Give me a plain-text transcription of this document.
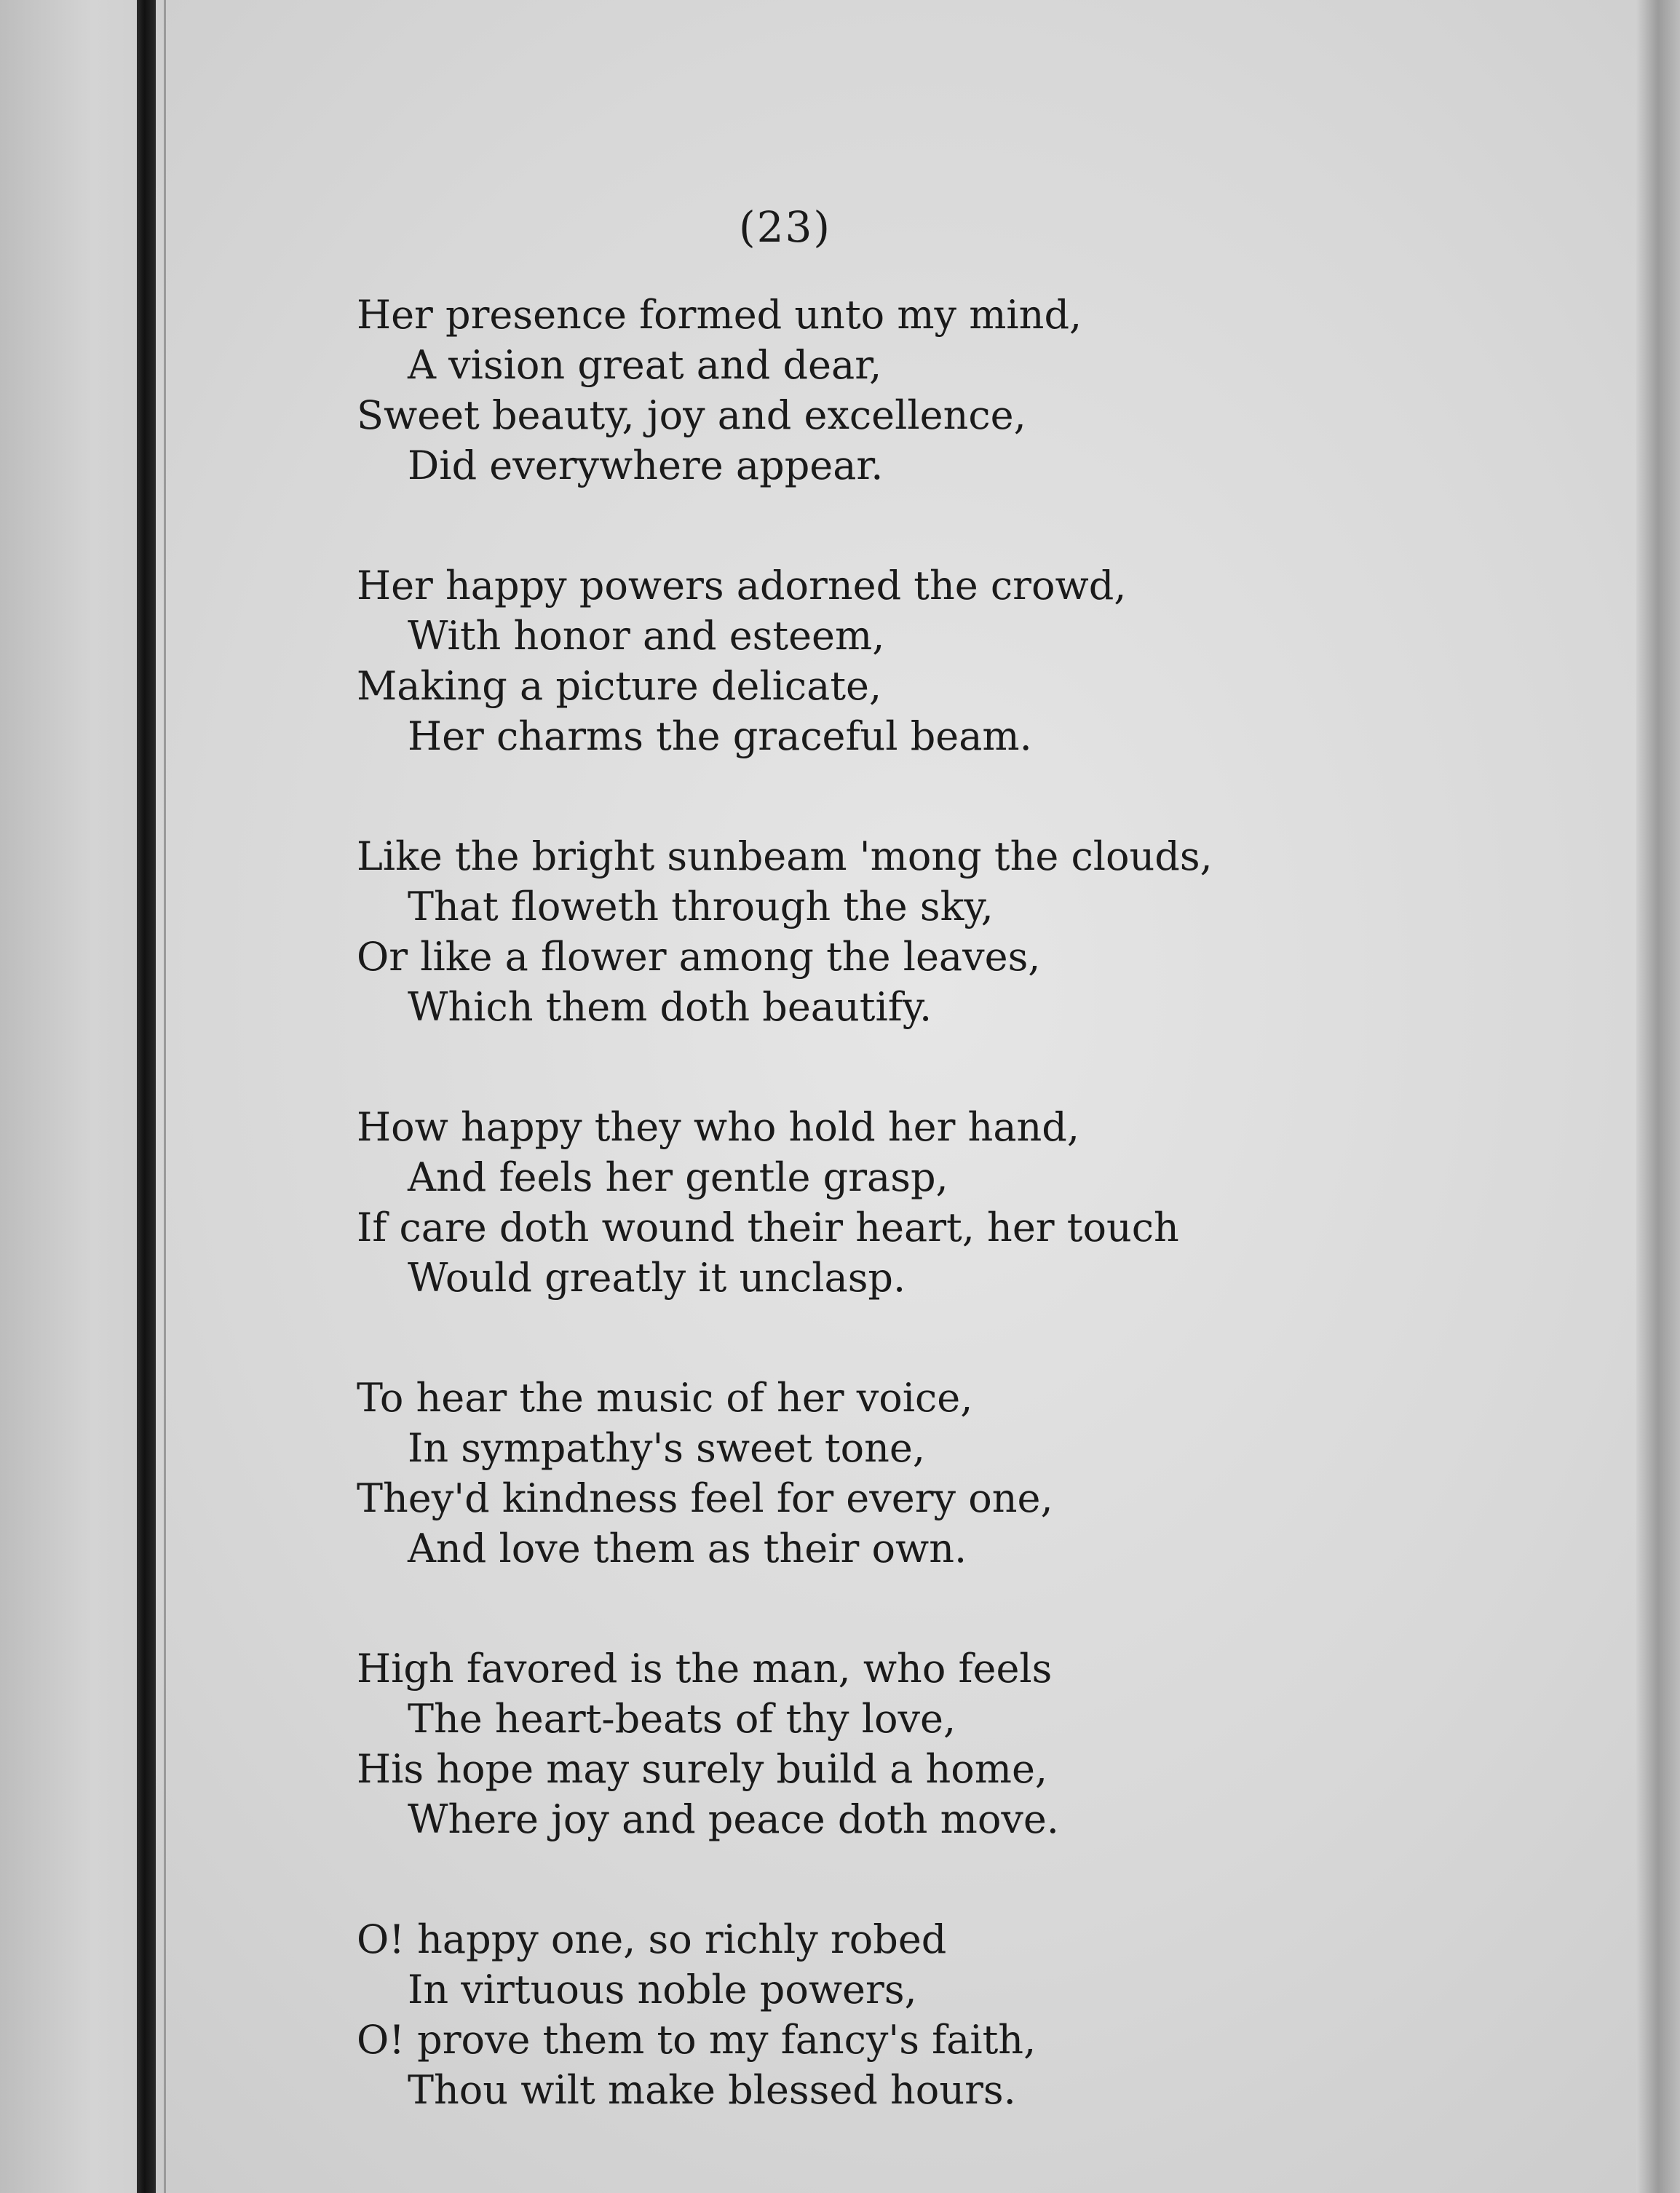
(23)
Her presence formed unto my mind,
A vision great and dear,
Sweet beauty, joy and excellence,
Did everywhere appear.
Her happy powers adorned the crowd,
With honor and esteem,
Making a picture delicate,
Her charms the graceful beam.
Like the bright sunbeam 'mong the clouds,
That floweth through the sky,
Or like a flower among the leaves,
Which them doth beautify.
How happy they who hold her hand,
And feels her gentle grasp,
If care doth wound their heart, her touch
Would greatly it unclasp.
To hear the music of her voice,
In sympathy's sweet tone,
They'd kindness feel for every one,
And love them as their own.
High favored is the man, who feels
The heart-beats of thy love,
His hope may surely build a home,
Where joy and peace doth move.
O! happy one, so richly robed
In virtuous noble powers,
O! prove them to my fancy's faith,
Thou wilt make blessed hours.
